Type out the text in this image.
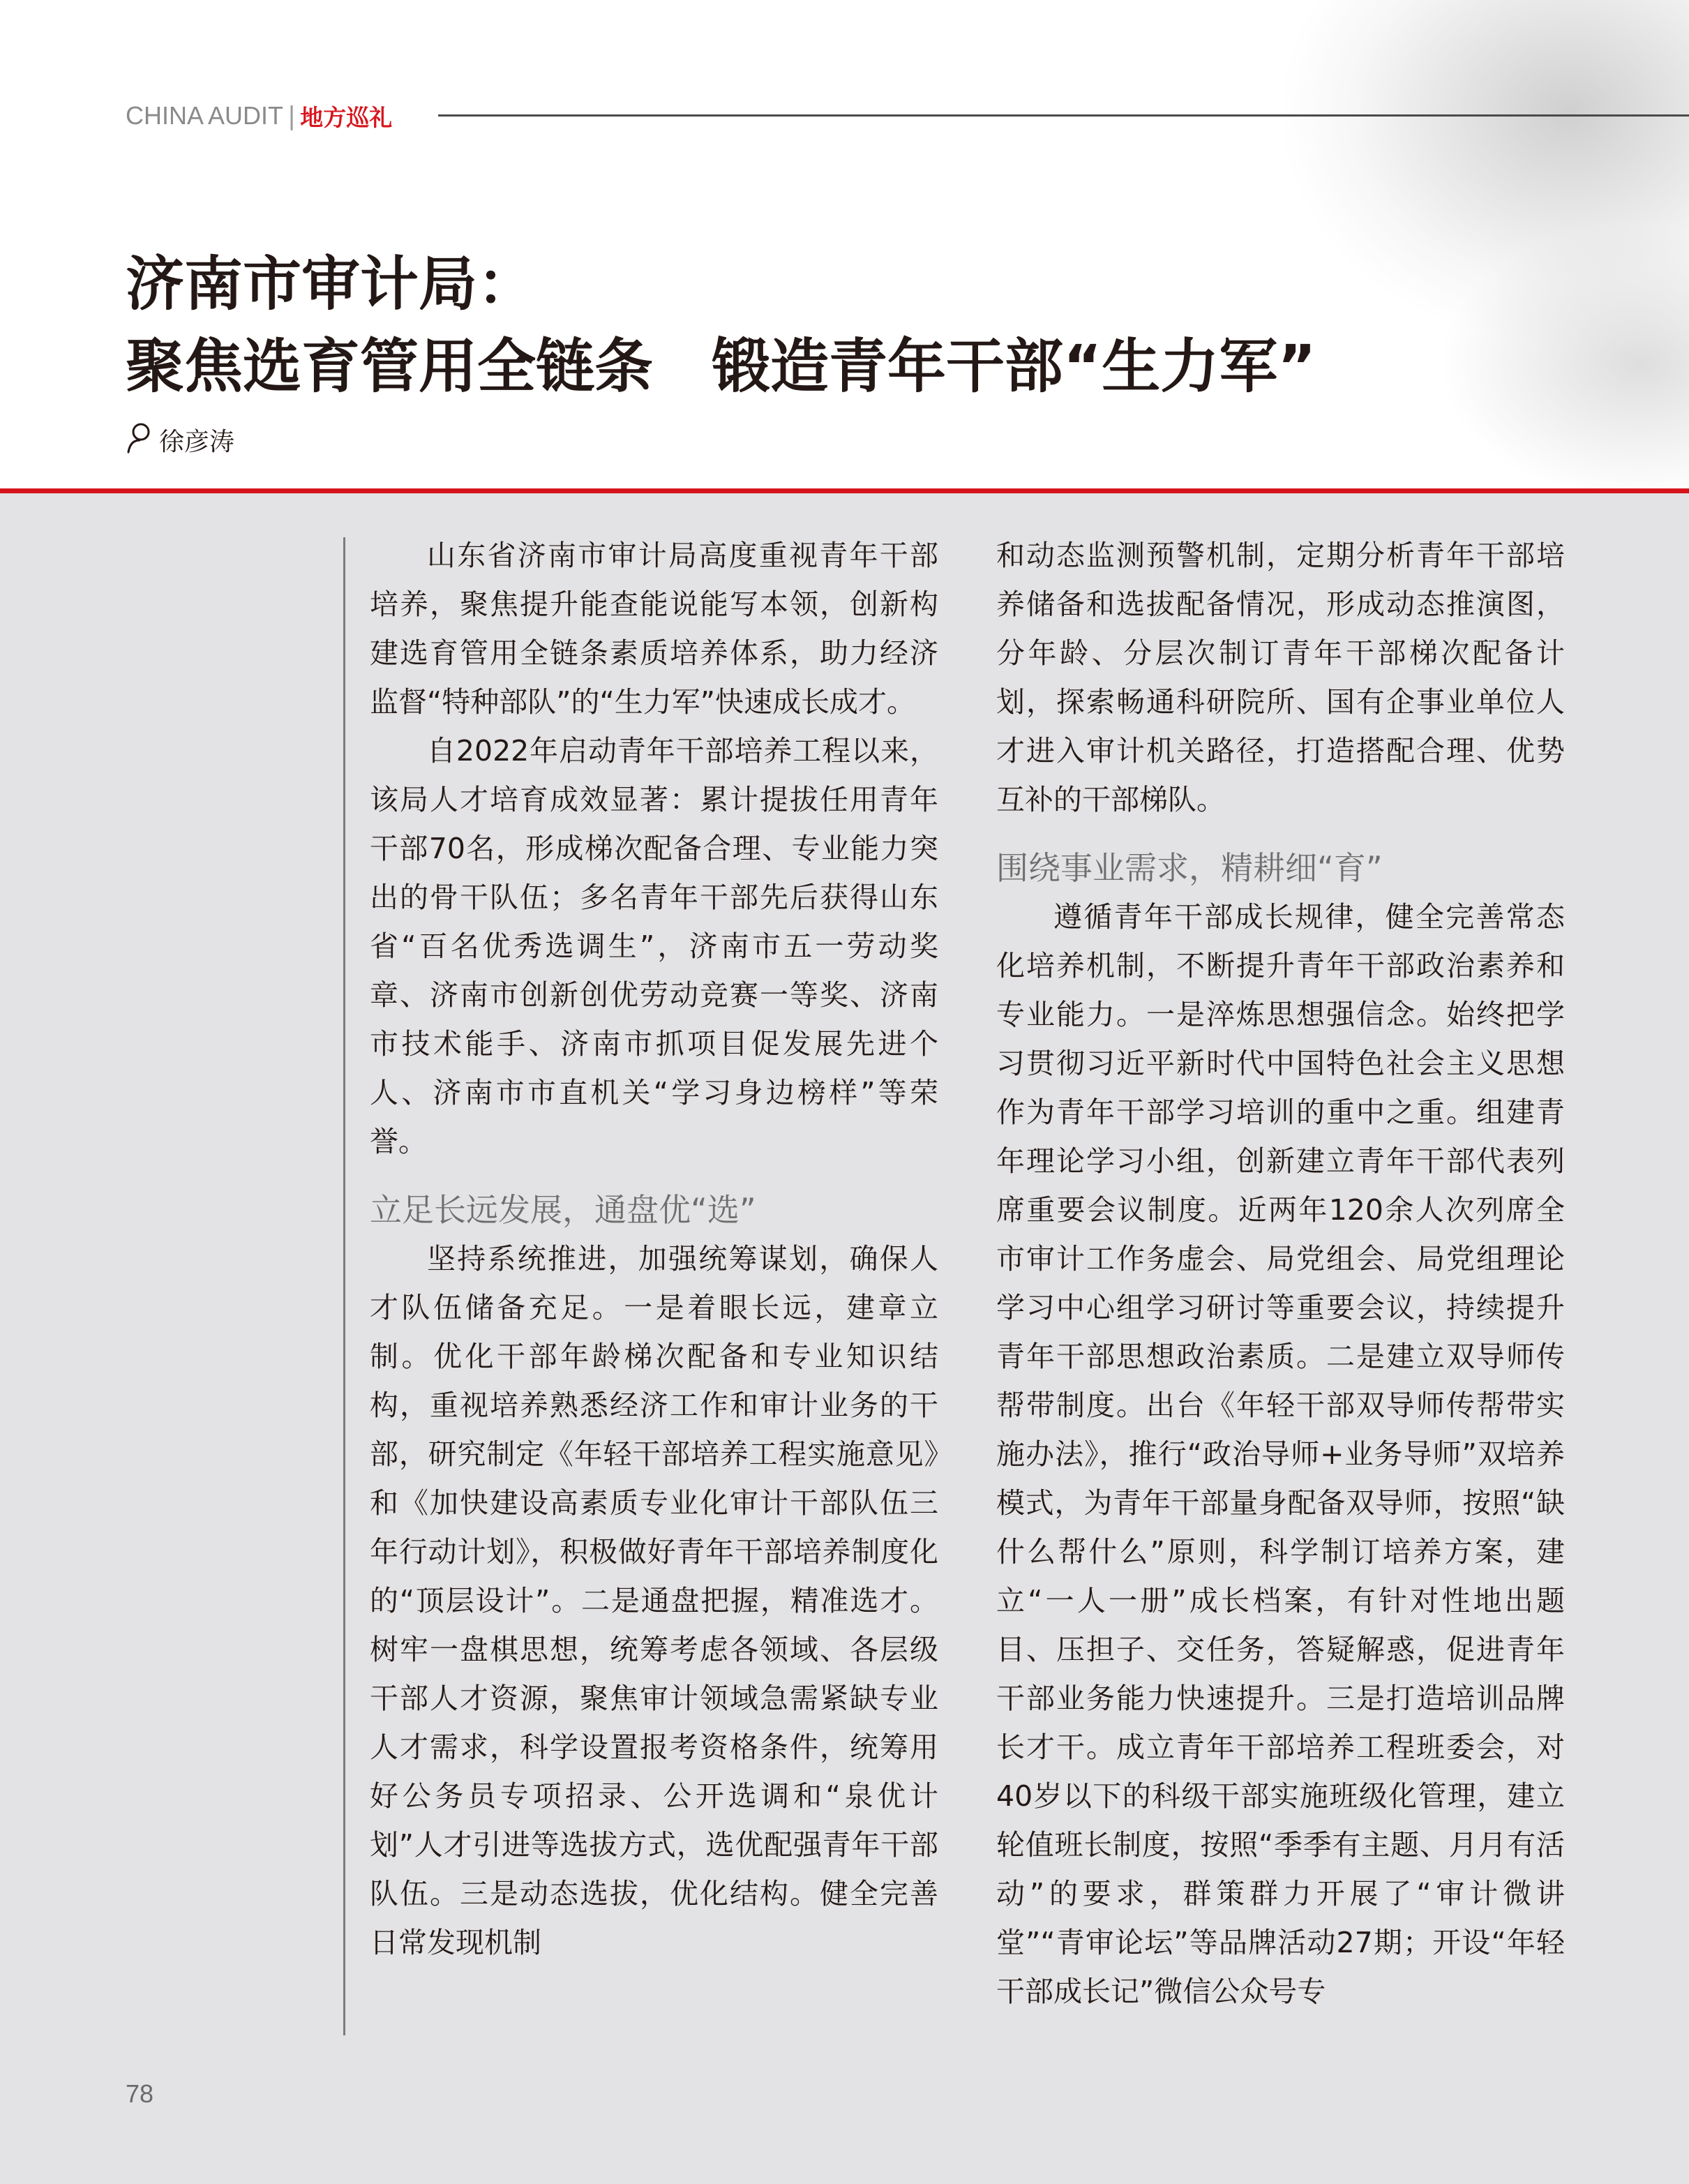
CHINA AUDIT | 地方巡礼
济南市审计局：
聚焦选育管用全链条　锻造青年干部“生力军”
徐彦涛

山东省济南市审计局高度重视青年干部培养，聚焦提升能查能说能写本领，创新构建选育管用全链条素质培养体系，助力经济监督“特种部队”的“生力军”快速成长成才。

自2022年启动青年干部培养工程以来，该局人才培育成效显著：累计提拔任用青年干部70名，形成梯次配备合理、专业能力突出的骨干队伍；多名青年干部先后获得山东省“百名优秀选调生”，济南市五一劳动奖章、济南市创新创优劳动竞赛一等奖、济南市技术能手、济南市抓项目促发展先进个人、济南市市直机关“学习身边榜样”等荣誉。

立足长远发展，通盘优“选”

坚持系统推进，加强统筹谋划，确保人才队伍储备充足。一是着眼长远，建章立制。优化干部年龄梯次配备和专业知识结构，重视培养熟悉经济工作和审计业务的干部，研究制定《年轻干部培养工程实施意见》和《加快建设高素质专业化审计干部队伍三年行动计划》，积极做好青年干部培养制度化的“顶层设计”。二是通盘把握，精准选才。树牢一盘棋思想，统筹考虑各领域、各层级干部人才资源，聚焦审计领域急需紧缺专业人才需求，科学设置报考资格条件，统筹用好公务员专项招录、公开选调和“泉优计划”人才引进等选拔方式，选优配强青年干部队伍。三是动态选拔，优化结构。健全完善日常发现机制

和动态监测预警机制，定期分析青年干部培养储备和选拔配备情况，形成动态推演图，分年龄、分层次制订青年干部梯次配备计划，探索畅通科研院所、国有企事业单位人才进入审计机关路径，打造搭配合理、优势互补的干部梯队。

围绕事业需求，精耕细“育”

遵循青年干部成长规律，健全完善常态化培养机制，不断提升青年干部政治素养和专业能力。一是淬炼思想强信念。始终把学习贯彻习近平新时代中国特色社会主义思想作为青年干部学习培训的重中之重。组建青年理论学习小组，创新建立青年干部代表列席重要会议制度。近两年120余人次列席全市审计工作务虚会、局党组会、局党组理论学习中心组学习研讨等重要会议，持续提升青年干部思想政治素质。二是建立双导师传帮带制度。出台《年轻干部双导师传帮带实施办法》，推行“政治导师+业务导师”双培养模式，为青年干部量身配备双导师，按照“缺什么帮什么”原则，科学制订培养方案，建立“一人一册”成长档案，有针对性地出题目、压担子、交任务，答疑解惑，促进青年干部业务能力快速提升。三是打造培训品牌长才干。成立青年干部培养工程班委会，对40岁以下的科级干部实施班级化管理，建立轮值班长制度，按照“季季有主题、月月有活动”的要求，群策群力开展了“审计微讲堂”“青审论坛”等品牌活动27期；开设“年轻干部成长记”微信公众号专

78
